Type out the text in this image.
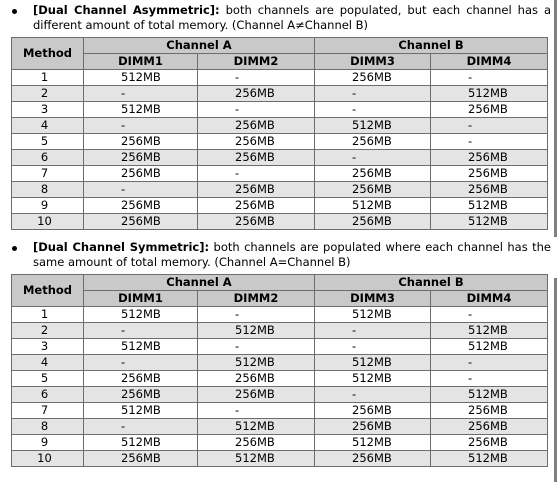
[Dual Channel Asymmetric]: both channels are populated, but each channel has a different amount of total memory. (Channel A≠Channel B)
Method	Channel A		Channel B	
	DIMM1	DIMM2	DIMM3	DIMM4
1	512MB	-	256MB	-
2	-	256MB	-	512MB
3	512MB	-	-	256MB
4	-	256MB	512MB	-
5	256MB	256MB	256MB	-
6	256MB	256MB	-	256MB
7	256MB	-	256MB	256MB
8	-	256MB	256MB	256MB
9	256MB	256MB	512MB	512MB
10	256MB	256MB	256MB	512MB
[Dual Channel Symmetric]: both channels are populated where each channel has the same amount of total memory. (Channel A=Channel B)
Method	Channel A		Channel B	
	DIMM1	DIMM2	DIMM3	DIMM4
1	512MB	-	512MB	-
2	-	512MB	-	512MB
3	512MB	-	-	512MB
4	-	512MB	512MB	-
5	256MB	256MB	512MB	-
6	256MB	256MB	-	512MB
7	512MB	-	256MB	256MB
8	-	512MB	256MB	256MB
9	512MB	256MB	512MB	256MB
10	256MB	512MB	256MB	512MB
